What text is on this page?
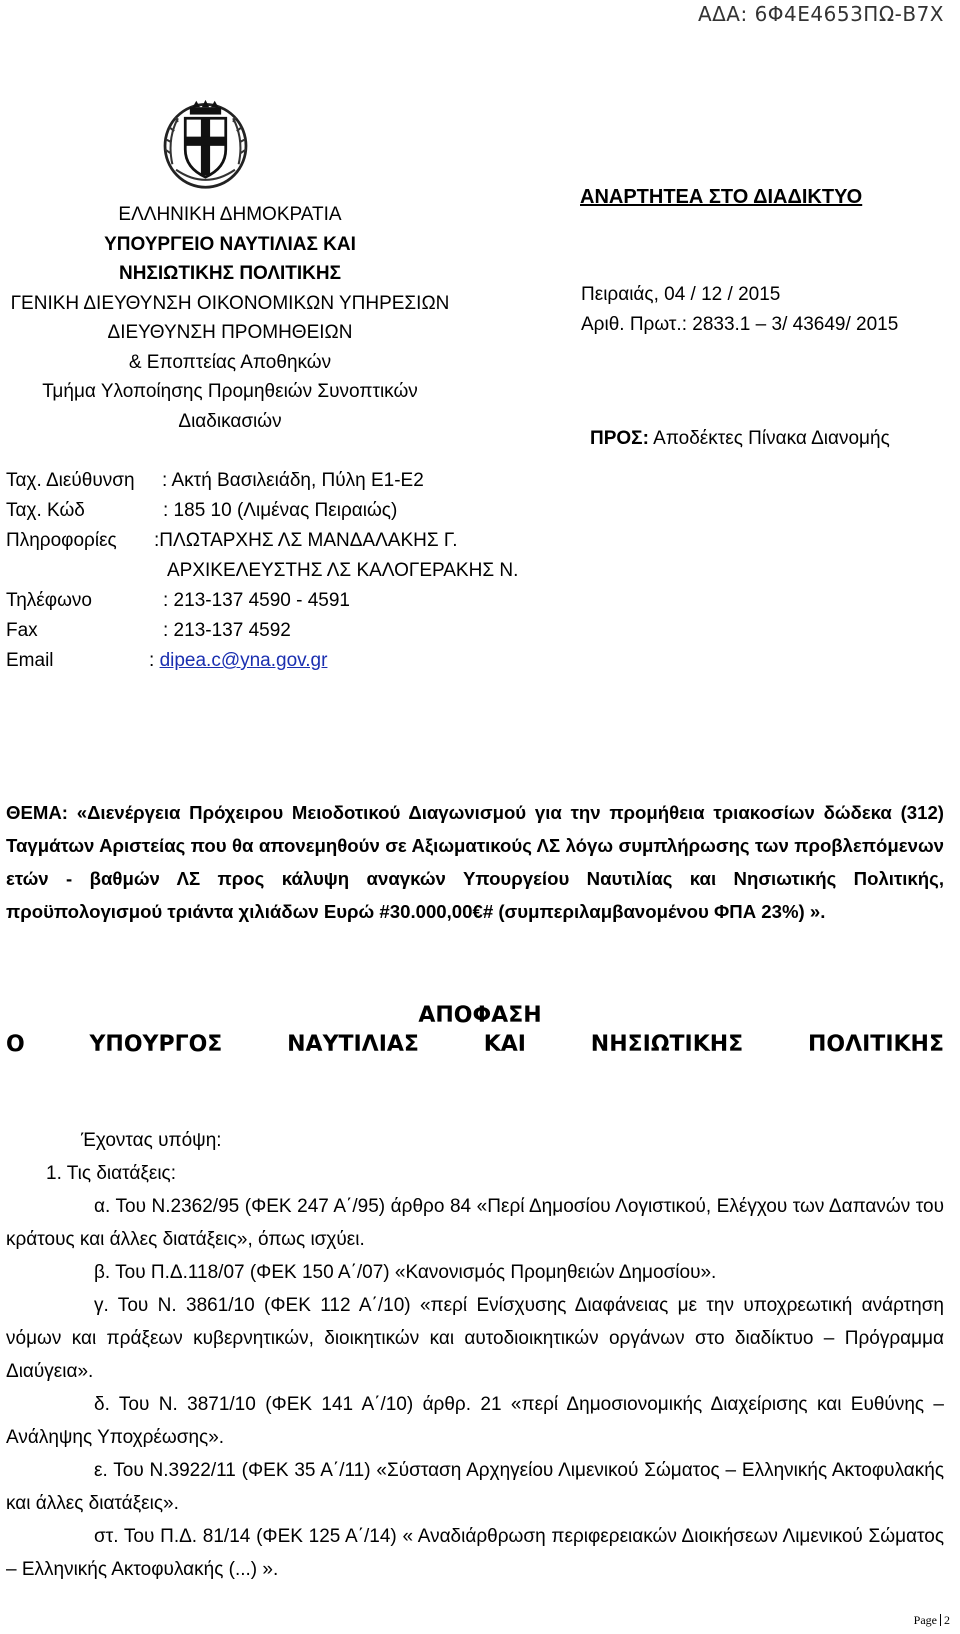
ΑΔΑ: 6Φ4Ε4653ΠΩ-Β7Χ
ΕΛΛΗΝΙΚΗ ΔΗΜΟΚΡΑΤΙΑ
ΥΠΟΥΡΓΕΙΟ ΝΑΥΤΙΛΙΑΣ ΚΑΙ
ΝΗΣΙΩΤΙΚΗΣ ΠΟΛΙΤΙΚΗΣ
ΓΕΝΙΚΗ ΔΙΕΥΘΥΝΣΗ ΟΙΚΟΝΟΜΙΚΩΝ ΥΠΗΡΕΣΙΩΝ
ΔΙΕΥΘΥΝΣΗ ΠΡΟΜΗΘΕΙΩΝ
& Εποπτείας Αποθηκών
Τμήμα Υλοποίησης Προμηθειών Συνοπτικών
Διαδικασιών
ΑΝΑΡΤΗΤΕΑ ΣΤΟ ΔΙΑΔΙΚΤΥΟ
Πειραιάς, 04 / 12 / 2015
Αριθ. Πρωτ.: 2833.1 – 3/ 43649/ 2015
ΠΡΟΣ: Αποδέκτες Πίνακα Διανομής
Ταχ. Διεύθυνση : Ακτή Βασιλειάδη, Πύλη Ε1-Ε2
Ταχ. Κώδ	: 185 10 (Λιμένας Πειραιώς)
Πληροφορίες :ΠΛΩΤΑΡΧΗΣ ΛΣ ΜΑΝΔΑΛΑΚΗΣ Γ.
ΑΡΧΙΚΕΛΕΥΣΤΗΣ ΛΣ ΚΑΛΟΓΕΡΑΚΗΣ Ν.
Τηλέφωνο	: 213-137 4590 - 4591
Fax	: 213-137 4592
Email	: dipea.c@yna.gov.gr
ΘΕΜΑ: «Διενέργεια Πρόχειρου Μειοδοτικού Διαγωνισμού για την προμήθεια τριακοσίων δώδεκα (312) Ταγμάτων Αριστείας που θα απονεμηθούν σε Αξιωματικούς ΛΣ λόγω συμπλήρωσης των προβλεπόμενων ετών - βαθμών ΛΣ προς κάλυψη αναγκών Υπουργείου Ναυτιλίας και Νησιωτικής Πολιτικής, προϋπολογισμού τριάντα χιλιάδων Ευρώ #30.000,00€# (συμπεριλαμβανομένου ΦΠΑ 23%) ».
ΑΠΟΦΑΣΗ
Ο	ΥΠΟΥΡΓΟΣ	ΝΑΥΤΙΛΙΑΣ	ΚΑΙ	ΝΗΣΙΩΤΙΚΗΣ	ΠΟΛΙΤΙΚΗΣ
Έχοντας υπόψη:
1. Τις διατάξεις:
α. Του Ν.2362/95 (ΦΕΚ 247 Α΄/95) άρθρο 84 «Περί Δημοσίου Λογιστικού, Ελέγχου των Δαπανών του κράτους και άλλες διατάξεις», όπως ισχύει.
β. Του Π.Δ.118/07 (ΦΕΚ 150 Α΄/07) «Κανονισμός Προμηθειών Δημοσίου».
γ. Του Ν. 3861/10 (ΦΕΚ 112 Α΄/10) «περί Ενίσχυσης Διαφάνειας με την υποχρεωτική ανάρτηση νόμων και πράξεων κυβερνητικών, διοικητικών και αυτοδιοικητικών οργάνων στο διαδίκτυο – Πρόγραμμα Διαύγεια».
δ. Του Ν. 3871/10 (ΦΕΚ 141 Α΄/10) άρθρ. 21 «περί Δημοσιονομικής Διαχείρισης και Ευθύνης – Ανάληψης Υποχρέωσης».
ε. Του Ν.3922/11 (ΦΕΚ 35 Α΄/11) «Σύσταση Αρχηγείου Λιμενικού Σώματος – Ελληνικής Ακτοφυλακής και άλλες διατάξεις».
στ. Του Π.Δ. 81/14 (ΦΕΚ 125 Α΄/14) « Αναδιάρθρωση περιφερειακών Διοικήσεων Λιμενικού Σώματος – Ελληνικής Ακτοφυλακής (...) ».
Page 2
